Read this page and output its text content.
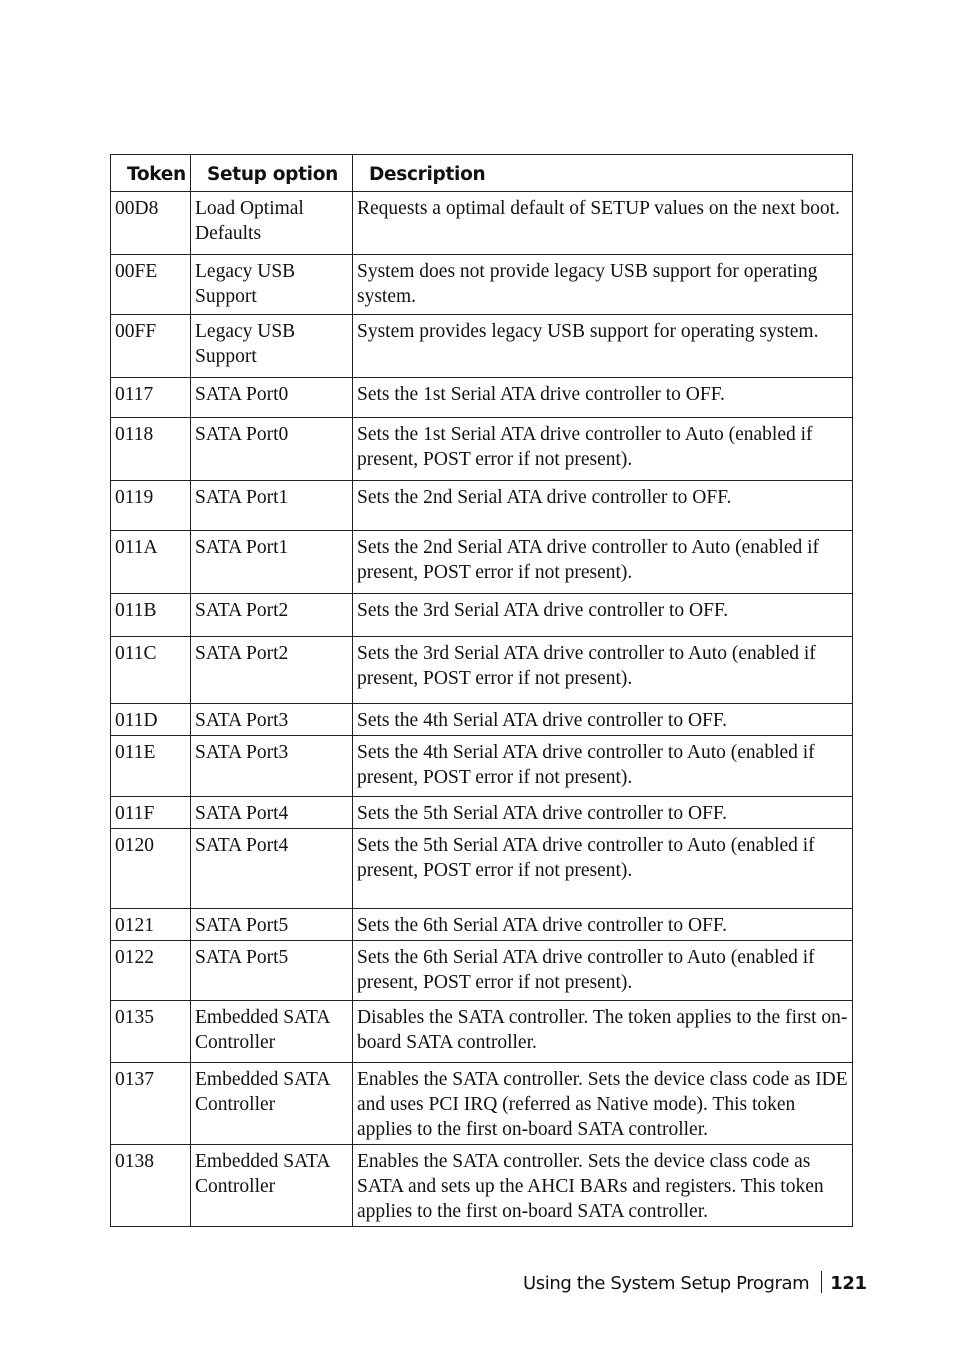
Token	Setup option	Description
00D8	Load Optimal Defaults	Requests a optimal default of SETUP values on the next boot.
00FE	Legacy USB Support	System does not provide legacy USB support for operating system.
00FF	Legacy USB Support	System provides legacy USB support for operating system.
0117	SATA Port0	Sets the 1st Serial ATA drive controller to OFF.
0118	SATA Port0	Sets the 1st Serial ATA drive controller to Auto (enabled if present, POST error if not present).
0119	SATA Port1	Sets the 2nd Serial ATA drive controller to OFF.
011A	SATA Port1	Sets the 2nd Serial ATA drive controller to Auto (enabled if present, POST error if not present).
011B	SATA Port2	Sets the 3rd Serial ATA drive controller to OFF.
011C	SATA Port2	Sets the 3rd Serial ATA drive controller to Auto (enabled if present, POST error if not present).
011D	SATA Port3	Sets the 4th Serial ATA drive controller to OFF.
011E	SATA Port3	Sets the 4th Serial ATA drive controller to Auto (enabled if present, POST error if not present).
011F	SATA Port4	Sets the 5th Serial ATA drive controller to OFF.
0120	SATA Port4	Sets the 5th Serial ATA drive controller to Auto (enabled if present, POST error if not present).
0121	SATA Port5	Sets the 6th Serial ATA drive controller to OFF.
0122	SATA Port5	Sets the 6th Serial ATA drive controller to Auto (enabled if present, POST error if not present).
0135	Embedded SATA Controller	Disables the SATA controller. The token applies to the first on-board SATA controller.
0137	Embedded SATA Controller	Enables the SATA controller. Sets the device class code as IDE and uses PCI IRQ (referred as Native mode). This token applies to the first on-board SATA controller.
0138	Embedded SATA Controller	Enables the SATA controller. Sets the device class code as SATA and sets up the AHCI BARs and registers. This token applies to the first on-board SATA controller.
Using the System Setup Program 121
